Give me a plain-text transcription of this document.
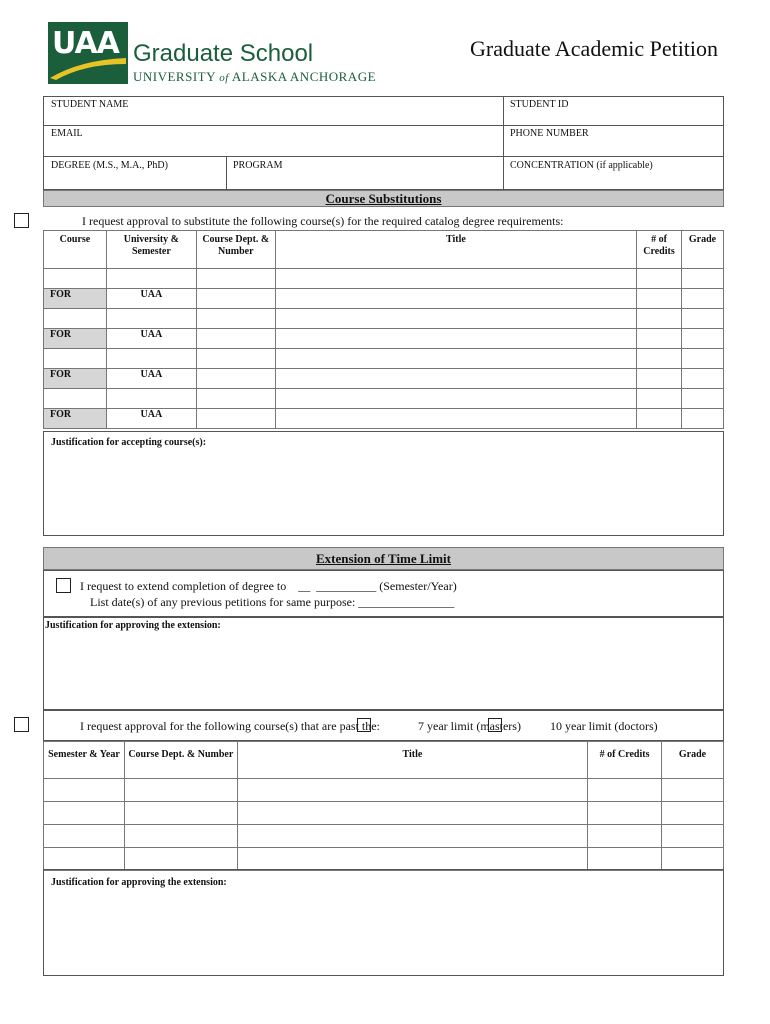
UAA Graduate School
UNIVERSITY of ALASKA ANCHORAGE
Graduate Academic Petition
STUDENT NAME	STUDENT ID
EMAIL	PHONE NUMBER
DEGREE (M.S., M.A., PhD)	PROGRAM	CONCENTRATION (if applicable)
Course Substitutions
I request approval to substitute the following course(s) for the required catalog degree requirements:
Course	University & Semester	Course Dept. & Number	Title	# of Credits	Grade

FOR	UAA				

FOR	UAA				

FOR	UAA				

FOR	UAA				
Justification for accepting course(s):
Extension of Time Limit
I request to extend completion of degree to    __  __________ (Semester/Year)
List date(s) of any previous petitions for same purpose: ________________
Justification for approving the extension:
I request approval for the following course(s) that are past the:	7 year limit (masters) 10 year limit (doctors)
Semester & Year	Course Dept. & Number	Title	# of Credits	Grade

Justification for approving the extension:
